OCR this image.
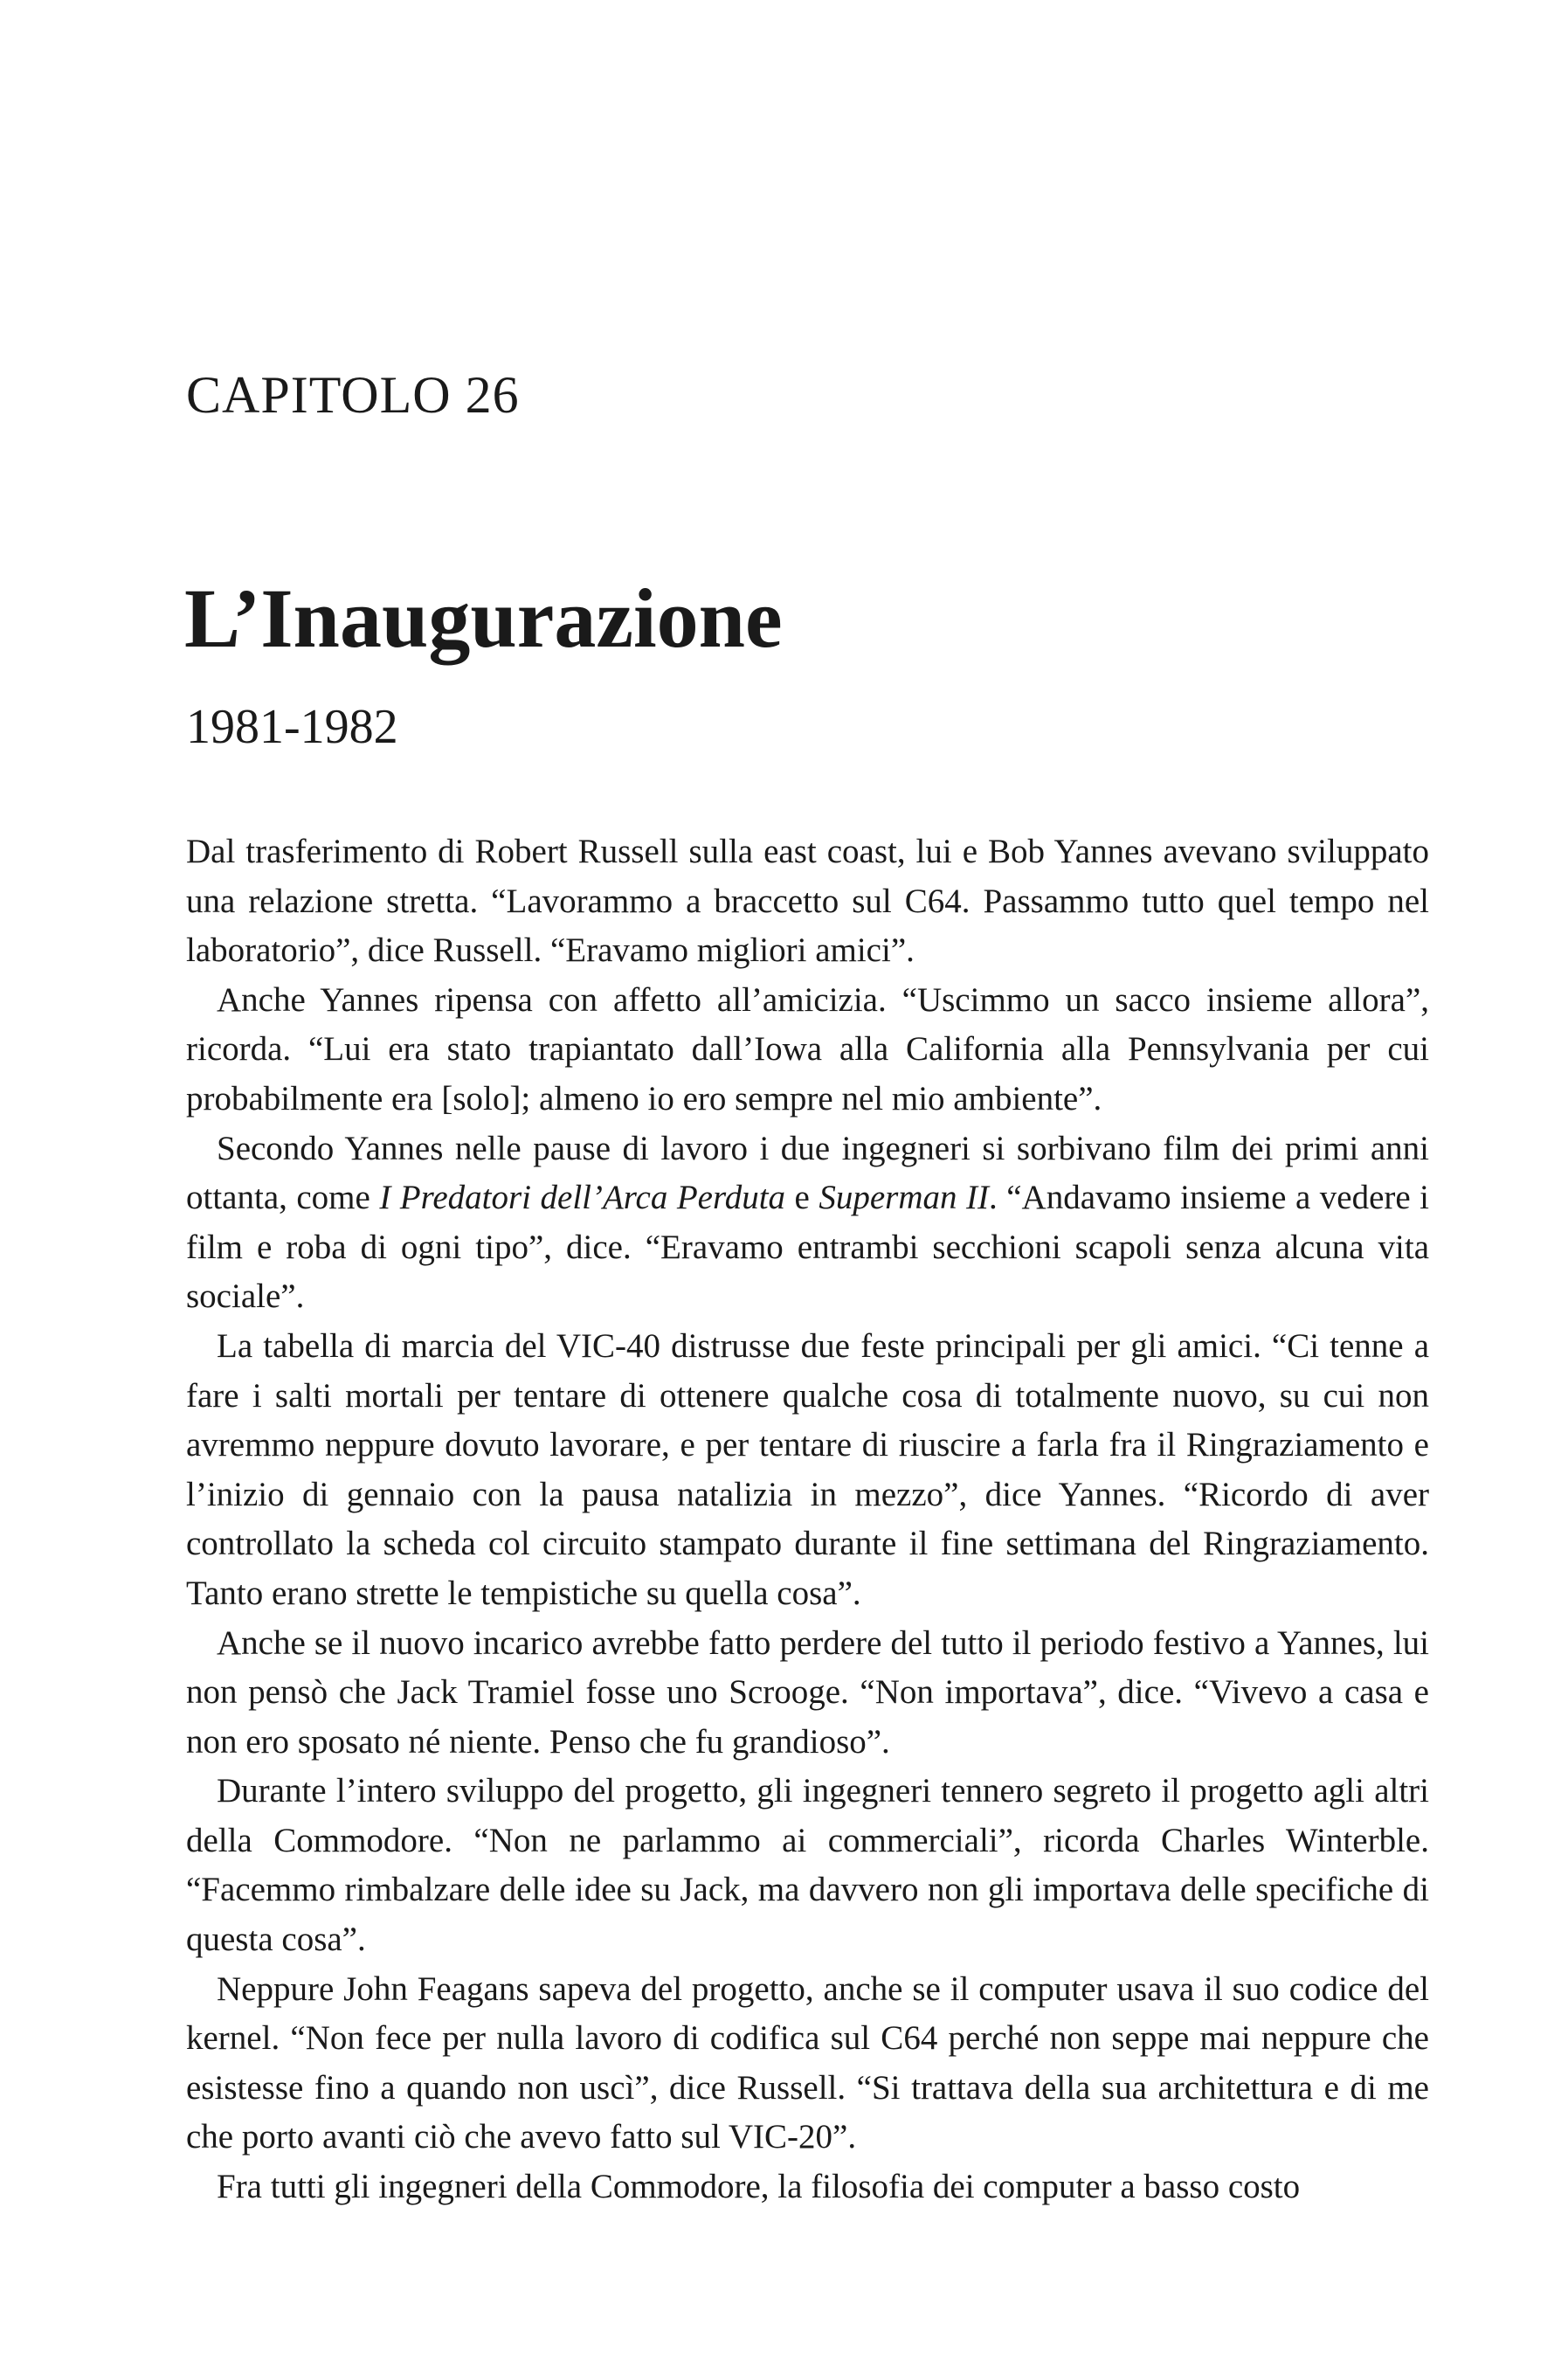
CAPITOLO 26
L’Inaugurazione
1981-1982

Dal trasferimento di Robert Russell sulla east coast, lui e Bob Yannes avevano sviluppato una relazione stretta. “Lavorammo a braccetto sul C64. Passammo tutto quel tempo nel laboratorio”, dice Russell. “Eravamo migliori amici”.

Anche Yannes ripensa con affetto all’amicizia. “Uscimmo un sacco insieme allora”, ricorda. “Lui era stato trapiantato dall’Iowa alla California alla Pennsylvania per cui probabilmente era [solo]; almeno io ero sempre nel mio ambiente”.

Secondo Yannes nelle pause di lavoro i due ingegneri si sorbivano film dei primi anni ottanta, come I Predatori dell’Arca Perduta e Superman II. “Andavamo insieme a vedere i film e roba di ogni tipo”, dice. “Eravamo entrambi secchioni scapoli senza alcuna vita sociale”.

La tabella di marcia del VIC-40 distrusse due feste principali per gli amici. “Ci tenne a fare i salti mortali per tentare di ottenere qualche cosa di totalmente nuovo, su cui non avremmo neppure dovuto lavorare, e per tentare di riuscire a farla fra il Ringraziamento e l’inizio di gennaio con la pausa natalizia in mezzo”, dice Yannes. “Ricordo di aver controllato la scheda col circuito stampato durante il fine settimana del Ringraziamento. Tanto erano strette le tempistiche su quella cosa”.

Anche se il nuovo incarico avrebbe fatto perdere del tutto il periodo festivo a Yannes, lui non pensò che Jack Tramiel fosse uno Scrooge. “Non importava”, dice. “Vivevo a casa e non ero sposato né niente. Penso che fu grandioso”.

Durante l’intero sviluppo del progetto, gli ingegneri tennero segreto il progetto agli altri della Commodore. “Non ne parlammo ai commerciali”, ricorda Charles Winterble. “Facemmo rimbalzare delle idee su Jack, ma davvero non gli importava delle specifiche di questa cosa”.

Neppure John Feagans sapeva del progetto, anche se il computer usava il suo codice del kernel. “Non fece per nulla lavoro di codifica sul C64 perché non seppe mai neppure che esistesse fino a quando non uscì”, dice Russell. “Si trattava della sua architettura e di me che porto avanti ciò che avevo fatto sul VIC-20”.

Fra tutti gli ingegneri della Commodore, la filosofia dei computer a basso costo
